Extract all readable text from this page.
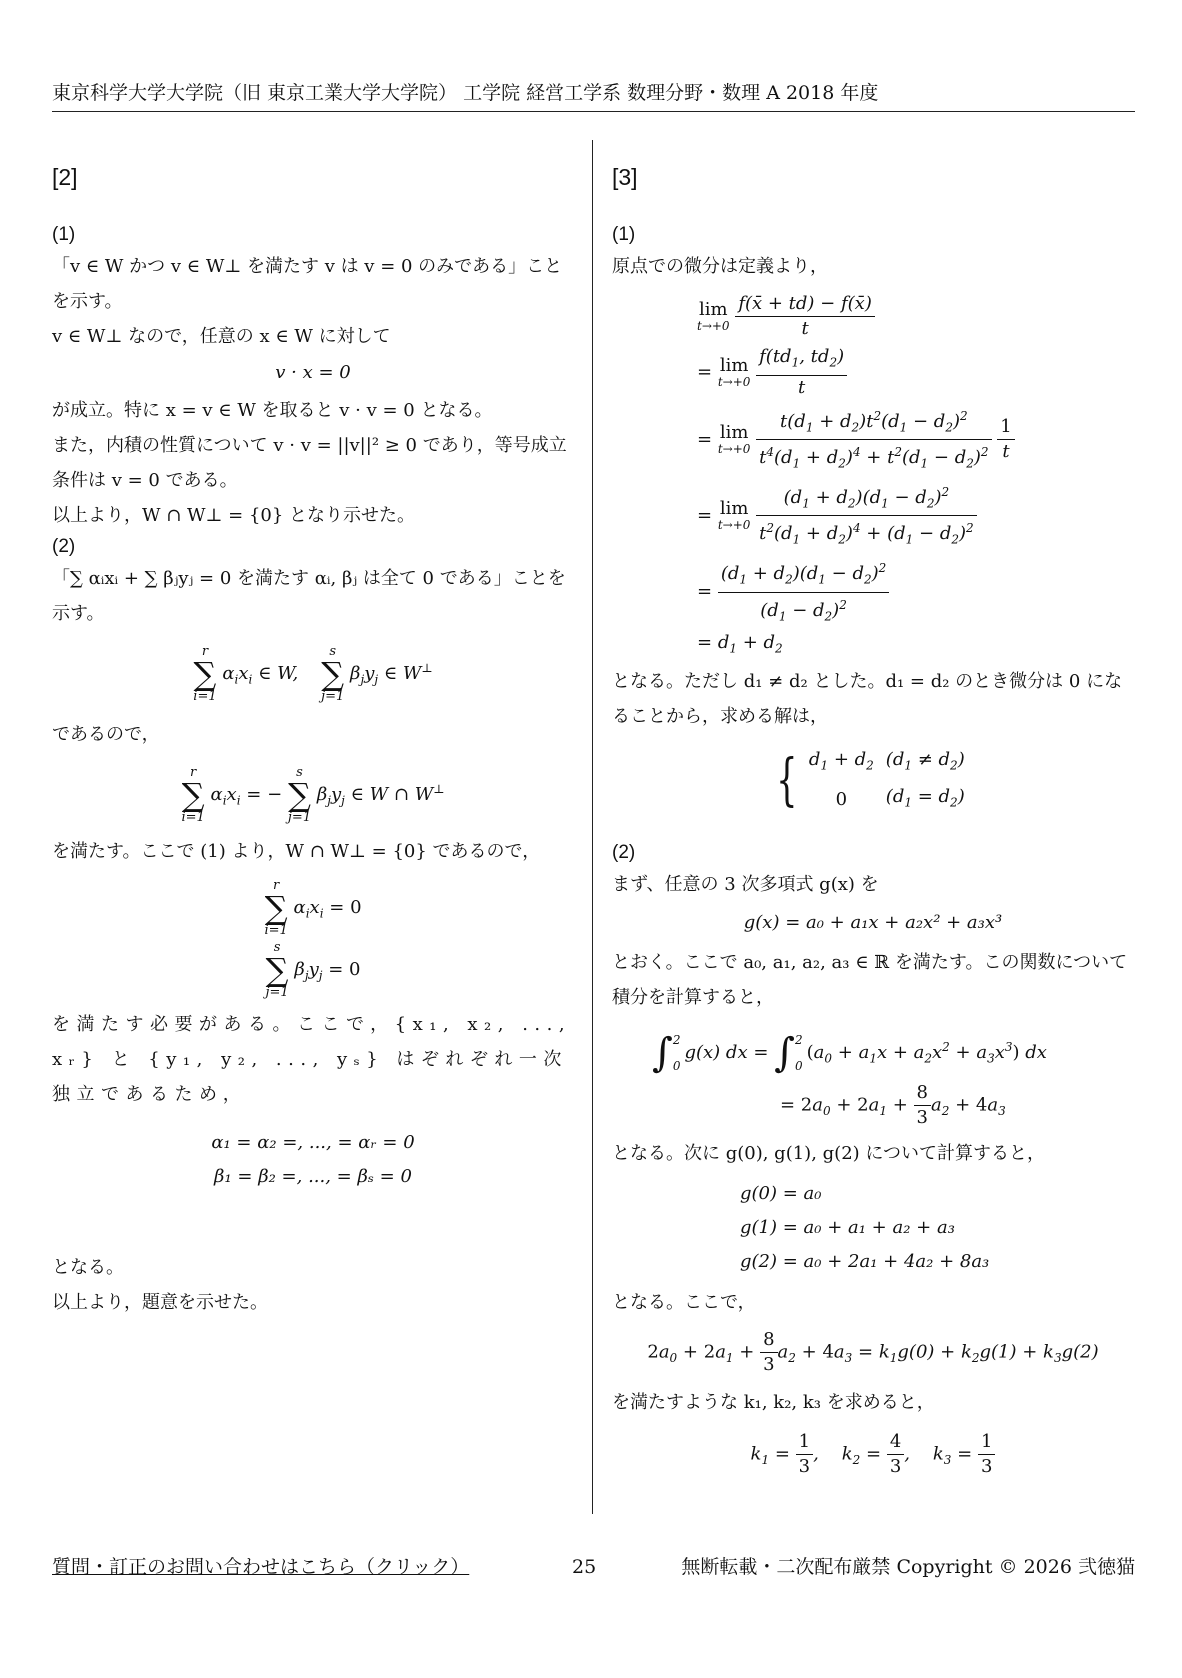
東京科学大学大学院（旧 東京工業大学大学院） 工学院 経営工学系 数理分野・数理 A 2018 年度
[2]
(1)

「v ∈ W かつ v ∈ W⊥ を満たす v は v = 0 のみである」ことを示す。

v ∈ W⊥ なので，任意の x ∈ W に対して

v · x = 0

が成立。特に x = v ∈ W を取ると v · v = 0 となる。

また，内積の性質について v · v = ||v||² ≥ 0 であり，等号成立条件は v = 0 である。

以上より，W ∩ W⊥ = {0} となり示せた。

(2)

「∑ αᵢxᵢ + ∑ βⱼyⱼ = 0 を満たす αᵢ, βⱼ は全て 0 である」ことを示す。

r
∑
i=1
$\alpha_ix_i$ ∈ W,
s
∑
j=1
$\beta_jy_j$ ∈ W⊥

であるので，

r
∑
i=1
$\alpha_ix_i$ = −
s
∑
j=1
$\beta_jy_j$ ∈ W ∩ W⊥

を満たす。ここで (1) より，W ∩ W⊥ = {0} であるので，

r
∑
i=1
$\alpha_ix_i = 0$
s
∑
j=1
$\beta_jy_j = 0$

を満たす必要がある。ここで，{x₁, x₂, ..., xᵣ} と {y₁, y₂, ..., yₛ} はぞれぞれ一次独立であるため，

α₁ = α₂ =, ..., = αᵣ = 0
β₁ = β₂ =, ..., = βₛ = 0

となる。

以上より，題意を示せた。

[3]
(1)

原点での微分は定義より，

lim
t→+0
$\frac{f(x̄ + td) - f(x̄)}{t}$
= lim
t→+0
$\frac{f(td_1, td_2)}{t}$
= lim
t→+0
$\frac{t(d_1 + d_2)t^2(d_1 - d_2)^2}{t^4(d_1 + d_2)^4 + t^2(d_1 - d_2)^2}$
$\frac{1}{t}$
= lim
t→+0
$\frac{(d_1 + d_2)(d_1 - d_2)^2}{t^2(d_1 + d_2)^4 + (d_1 - d_2)^2}$
= $\frac{(d_1 + d_2)(d_1 - d_2)^2}{(d_1 - d_2)^2}$
= $d_1 + d_2$

となる。ただし d₁ ≠ d₂ とした。d₁ = d₂ のとき微分は 0 になることから，求める解は，

{ $d_1 + d_2$	$(d_1 \ne d_2)$
0	$(d_1 = d_2)$
(2)

まず、任意の 3 次多項式 g(x) を

g(x) = a₀ + a₁x + a₂x² + a₃x³

とおく。ここで a₀, a₁, a₂, a₃ ∈ ℝ を満たす。この関数について積分を計算すると，

∫ 2
0
g(x) dx = ∫ 2
0
$(a_0 + a_1x + a_2x^2 + a_3x^3)$ dx
= $2a_0 + 2a_1 + \frac{8}{3} a_2 + 4a_3$

となる。次に g(0), g(1), g(2) について計算すると，

g(0) = a₀
g(1) = a₀ + a₁ + a₂ + a₃
g(2) = a₀ + 2a₁ + 4a₂ + 8a₃

となる。ここで，

$2a_0 + 2a_1 + \frac{8}{3} a_2 + 4a_3 = k_1g(0) + k_2g(1) + k_3g(2)$

を満たすような k₁, k₂, k₃ を求めると，

$k_1 = \frac{1}{3}$ ,    $k_2 = \frac{4}{3}$ ,    $k_3 = \frac{1}{3}$
質問・訂正のお問い合わせはこちら（クリック）	25	無断転載・二次配布厳禁 Copyright © 2026 弐徳猫
